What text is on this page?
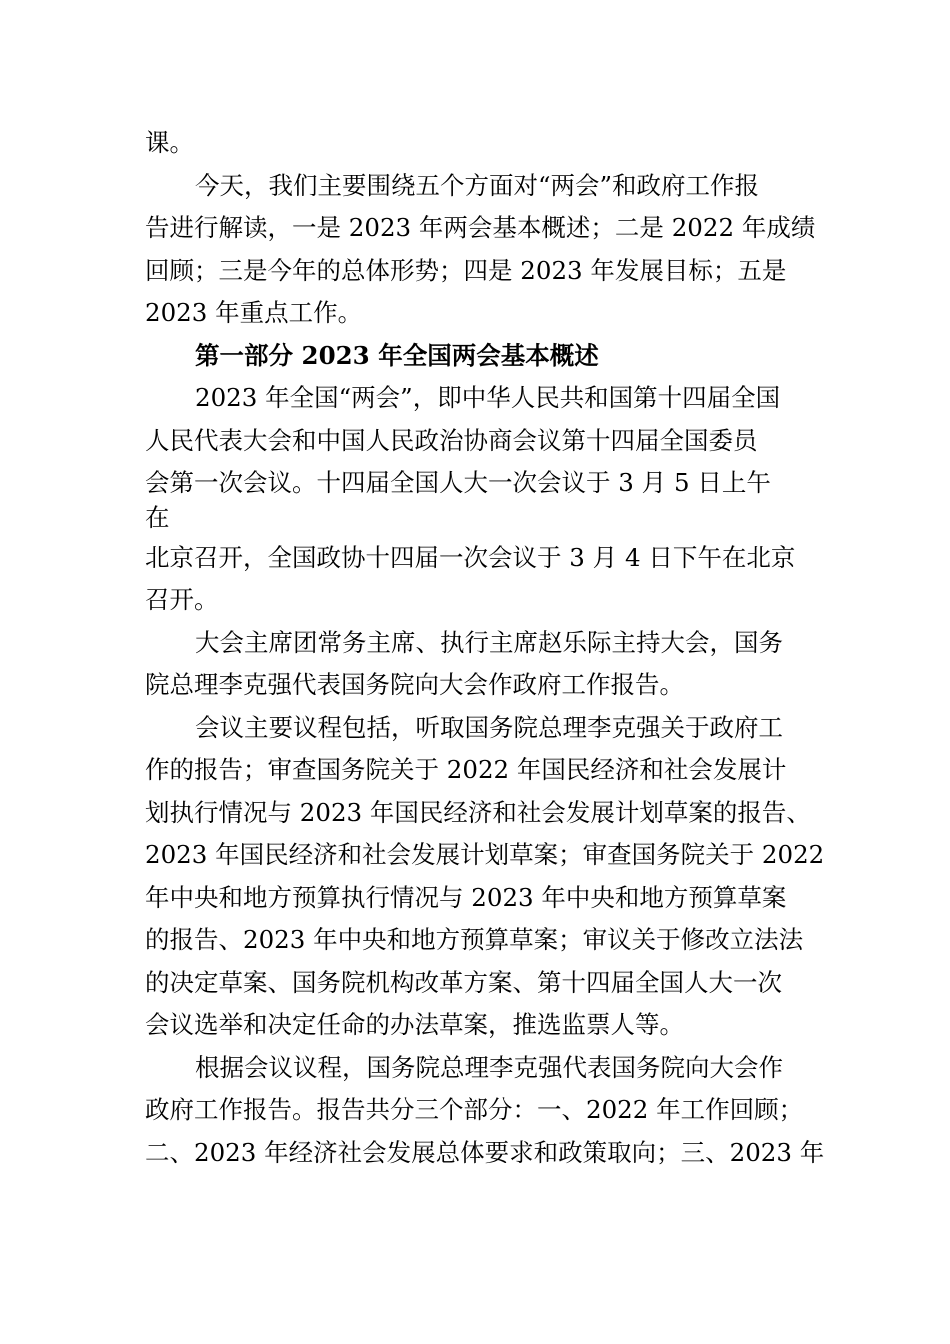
课。
今天，我们主要围绕五个方面对“两会”和政府工作报
告进行解读，一是 2023 年两会基本概述；二是 2022 年成绩
回顾；三是今年的总体形势；四是 2023 年发展目标；五是
2023 年重点工作。
第一部分 2023 年全国两会基本概述
2023 年全国“两会”，即中华人民共和国第十四届全国
人民代表大会和中国人民政治协商会议第十四届全国委员
会第一次会议。十四届全国人大一次会议于 3 月 5 日上午
在
北京召开，全国政协十四届一次会议于 3 月 4 日下午在北京
召开。
大会主席团常务主席、执行主席赵乐际主持大会，国务
院总理李克强代表国务院向大会作政府工作报告。
会议主要议程包括，听取国务院总理李克强关于政府工
作的报告；审查国务院关于 2022 年国民经济和社会发展计
划执行情况与 2023 年国民经济和社会发展计划草案的报告、
2023 年国民经济和社会发展计划草案；审查国务院关于 2022
年中央和地方预算执行情况与 2023 年中央和地方预算草案
的报告、2023 年中央和地方预算草案；审议关于修改立法法
的决定草案、国务院机构改革方案、第十四届全国人大一次
会议选举和决定任命的办法草案，推选监票人等。
根据会议议程，国务院总理李克强代表国务院向大会作
政府工作报告。报告共分三个部分：一、2022 年工作回顾；
二、2023 年经济社会发展总体要求和政策取向；三、2023 年
